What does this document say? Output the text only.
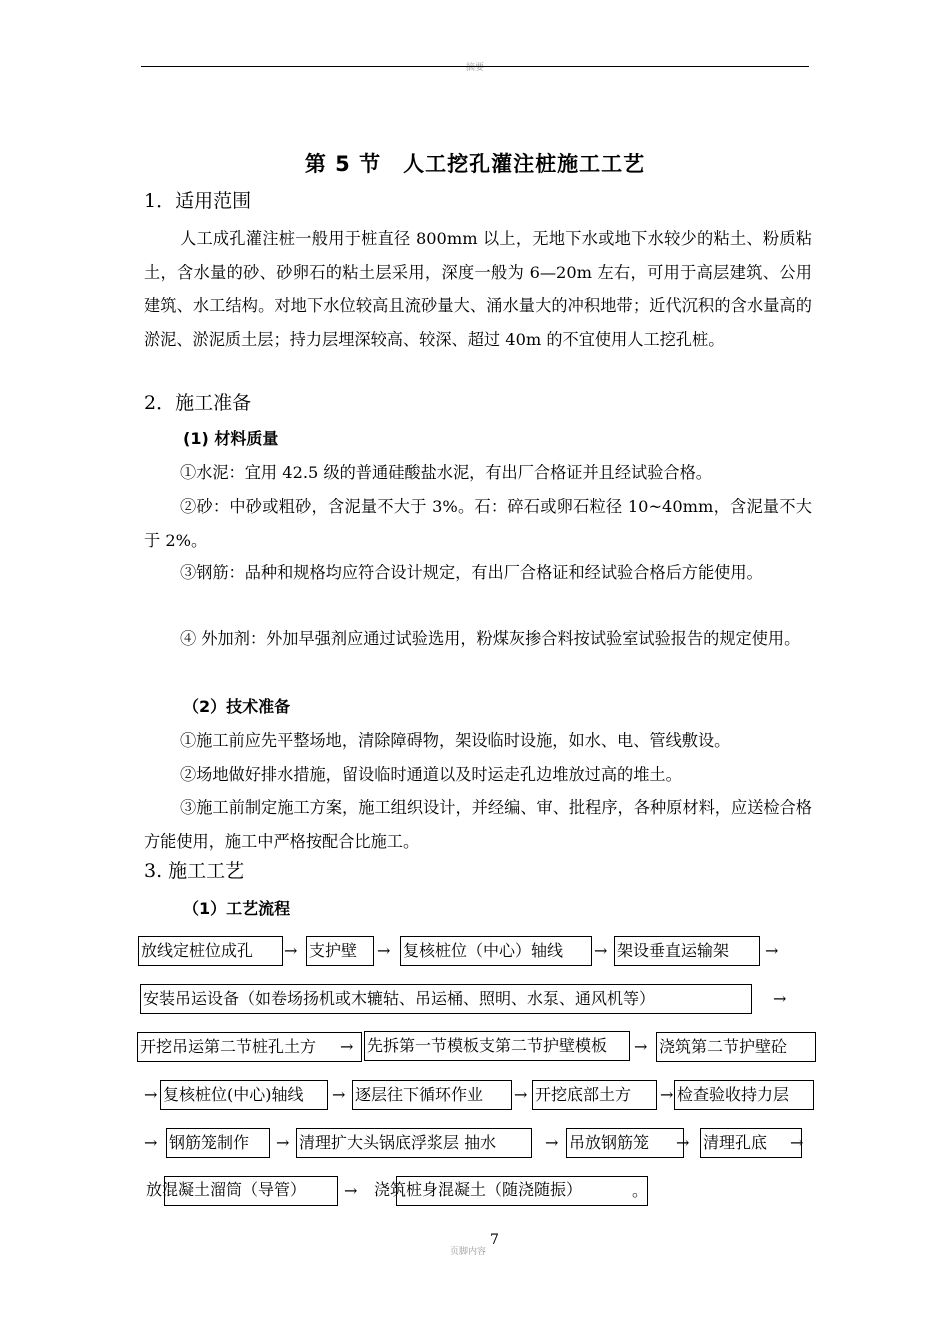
摘要
第 5 节　人工挖孔灌注桩施工工艺
1．适用范围

人工成孔灌注桩一般用于桩直径 800mm 以上，无地下水或地下水较少的粘土、粉质粘土，含水量的砂、砂卵石的粘土层采用，深度一般为 6—20m 左右，可用于高层建筑、公用建筑、水工结构。对地下水位较高且流砂量大、涌水量大的冲积地带；近代沉积的含水量高的淤泥、淤泥质土层；持力层埋深较高、较深、超过 40m 的不宜使用人工挖孔桩。

2．施工准备
(1) 材料质量

①水泥：宜用 42.5 级的普通硅酸盐水泥，有出厂合格证并且经试验合格。

②砂：中砂或粗砂，含泥量不大于 3%。石：碎石或卵石粒径 10~40mm，含泥量不大于 2%。

③钢筋：品种和规格均应符合设计规定，有出厂合格证和经试验合格后方能使用。

④ 外加剂：外加早强剂应通过试验选用，粉煤灰掺合料按试验室试验报告的规定使用。

（2）技术准备

①施工前应先平整场地，清除障碍物，架设临时设施，如水、电、管线敷设。

②场地做好排水措施，留设临时通道以及时运走孔边堆放过高的堆土。

③施工前制定施工方案，施工组织设计，并经编、审、批程序，各种原材料，应送检合格方能使用，施工中严格按配合比施工。

3. 施工工艺
（1）工艺流程
放线定桩位成孔	→ 支护壁	→ 复核桩位（中心）轴线	→ 架设垂直运输架	→
安装吊运设备（如卷场扬机或木辘轱、吊运桶、照明、水泵、通风机等）	→
开挖吊运第二节桩孔土方	→ 先拆第一节模板支第二节护壁模板	→ 浇筑第二节护壁砼
→ 复核桩位(中心)轴线	→ 逐层往下循环作业	→ 开挖底部土方	→ 检查验收持力层
→ 钢筋笼制作	→ 清理扩大头锅底浮浆层 抽水	→ 吊放钢筋笼	→ 清理孔底	→
放混凝土溜筒（导管）	→ 浇筑桩身混凝土（随浇随振）	。
7
页脚内容
